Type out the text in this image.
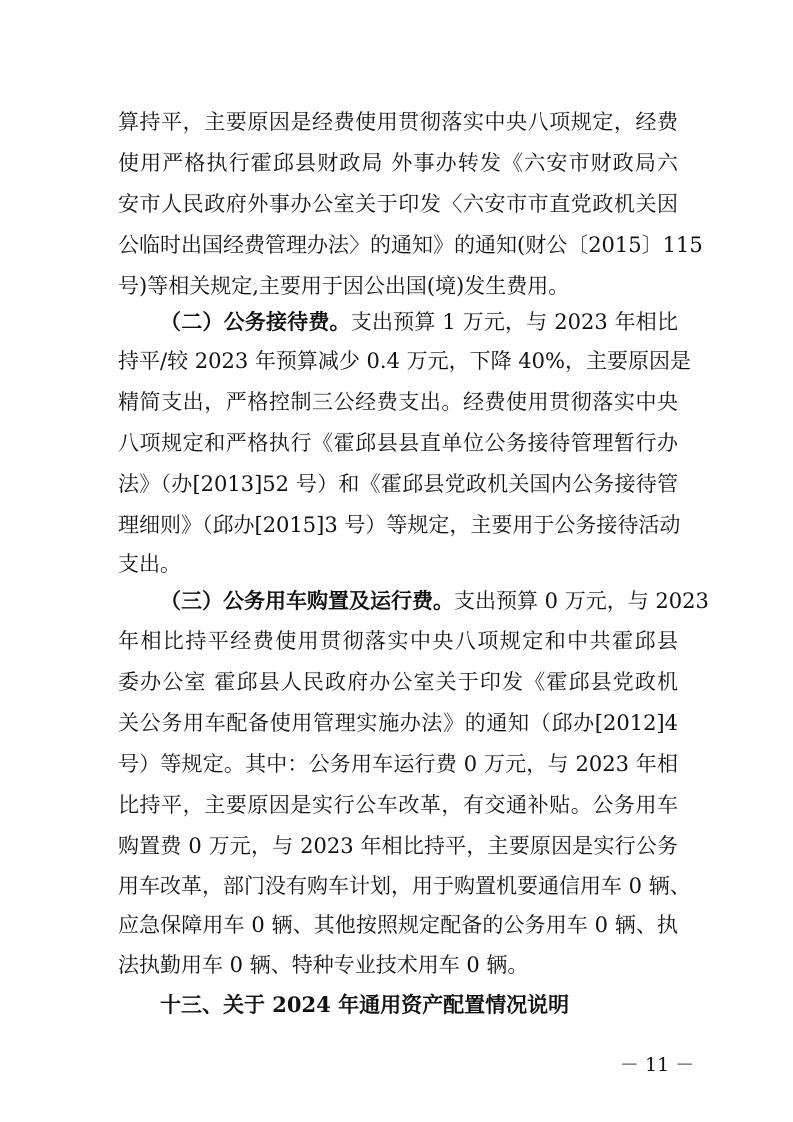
算持平，主要原因是经费使用贯彻落实中央八项规定，经费
使用严格执行霍邱县财政局 外事办转发《六安市财政局六
安市人民政府外事办公室关于印发〈六安市市直党政机关因
公临时出国经费管理办法〉的通知》的通知(财公〔2015〕115
号)等相关规定,主要用于因公出国(境)发生费用。
（二）公务接待费。支出预算 1 万元，与 2023 年相比
持平/较 2023 年预算减少 0.4 万元，下降 40%，主要原因是
精简支出，严格控制三公经费支出。经费使用贯彻落实中央
八项规定和严格执行《霍邱县县直单位公务接待管理暂行办
法》（办[2013]52 号）和《霍邱县党政机关国内公务接待管
理细则》（邱办[2015]3 号）等规定，主要用于公务接待活动
支出。
（三）公务用车购置及运行费。支出预算 0 万元，与 2023
年相比持平经费使用贯彻落实中央八项规定和中共霍邱县
委办公室 霍邱县人民政府办公室关于印发《霍邱县党政机
关公务用车配备使用管理实施办法》的通知（邱办[2012]4
号）等规定。其中：公务用车运行费 0 万元，与 2023 年相
比持平，主要原因是实行公车改革，有交通补贴。公务用车
购置费 0 万元，与 2023 年相比持平，主要原因是实行公务
用车改革，部门没有购车计划，用于购置机要通信用车 0 辆、
应急保障用车 0 辆、其他按照规定配备的公务用车 0 辆、执
法执勤用车 0 辆、特种专业技术用车 0 辆。
十三、关于 2024 年通用资产配置情况说明
－ 11 －
